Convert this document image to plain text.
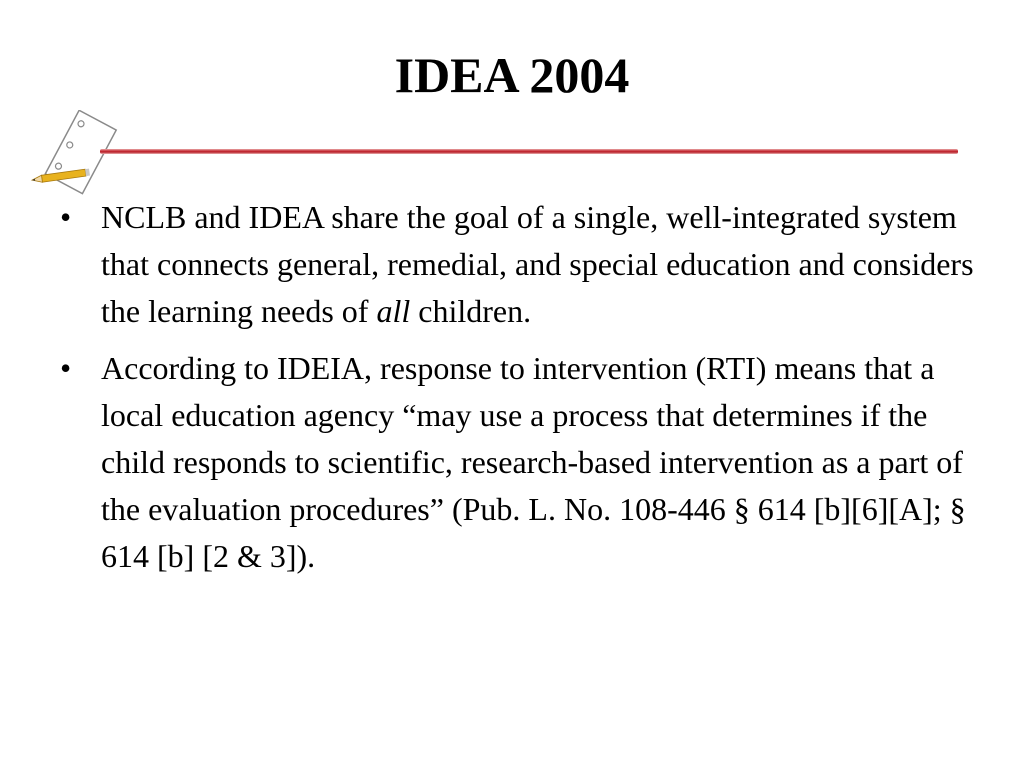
IDEA 2004
• NCLB and IDEA share the goal of a single, well-integrated system that connects general, remedial, and special education and considers the learning needs of all children.
• According to IDEIA, response to intervention (RTI) means that a local education agency “may use a process that determines if the child responds to scientific, research-based intervention as a part of the evaluation procedures” (Pub. L. No. 108-446 § 614 [b][6][A]; § 614 [b] [2 & 3]).
